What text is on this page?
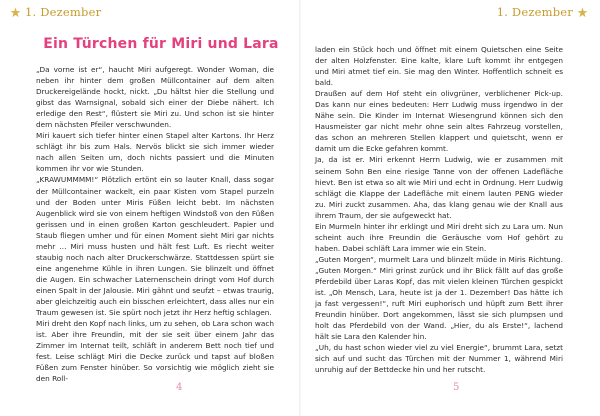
1. Dezember
Ein Türchen für Miri und Lara

„Da vorne ist er“, haucht Miri aufgeregt. Wonder Woman, die neben ihr hinter dem großen Müllcontainer auf dem alten Druckereigelände hockt, nickt. „Du hältst hier die Stellung und gibst das Warnsignal, sobald sich einer der Diebe nähert. Ich erledige den Rest“, flüstert sie Miri zu. Und schon ist sie hinter dem nächsten Pfeiler verschwunden.

Miri kauert sich tiefer hinter einen Stapel alter Kartons. Ihr Herz schlägt ihr bis zum Hals. Nervös blickt sie sich immer wieder nach allen Seiten um, doch nichts passiert und die Minuten kommen ihr vor wie Stunden.

„KRAWUMMMM!“ Plötzlich ertönt ein so lauter Knall, dass sogar der Müllcontainer wackelt, ein paar Kisten vom Stapel purzeln und der Boden unter Miris Füßen leicht bebt. Im nächsten Augenblick wird sie von einem heftigen Windstoß von den Füßen gerissen und in einen großen Karton geschleudert. Papier und Staub fliegen umher und für einen Moment sieht Miri gar nichts mehr … Miri muss husten und hält fest Luft. Es riecht weiter staubig noch nach alter Druckerschwärze. Stattdessen spürt sie eine angenehme Kühle in ihren Lungen. Sie blinzelt und öffnet die Augen. Ein schwacher Laternenschein dringt vom Hof durch einen Spalt in der Jalousie. Miri gähnt und seufzt – etwas traurig, aber gleichzeitig auch ein bisschen erleichtert, dass alles nur ein Traum gewesen ist. Sie spürt noch jetzt ihr Herz heftig schlagen.

Miri dreht den Kopf nach links, um zu sehen, ob Lara schon wach ist. Aber ihre Freundin, mit der sie seit über einem Jahr das Zimmer im Internat teilt, schläft in anderem Bett noch tief und fest. Leise schlägt Miri die Decke zurück und tapst auf bloßen Füßen zum Fenster hinüber. So vorsichtig wie möglich zieht sie den Roll-

4
1. Dezember

laden ein Stück hoch und öffnet mit einem Quietschen eine Seite der alten Holzfenster. Eine kalte, klare Luft kommt ihr entgegen und Miri atmet tief ein. Sie mag den Winter. Hoffentlich schneit es bald.

Draußen auf dem Hof steht ein olivgrüner, verblichener Pick-up. Das kann nur eines bedeuten: Herr Ludwig muss irgendwo in der Nähe sein. Die Kinder im Internat Wiesengrund können sich den Hausmeister gar nicht mehr ohne sein altes Fahrzeug vorstellen, das schon an mehreren Stellen klappert und quietscht, wenn er damit um die Ecke gefahren kommt.

Ja, da ist er. Miri erkennt Herrn Ludwig, wie er zusammen mit seinem Sohn Ben eine riesige Tanne von der offenen Ladefläche hievt. Ben ist etwa so alt wie Miri und echt in Ordnung. Herr Ludwig schlägt die Klappe der Ladefläche mit einem lauten PENG wieder zu. Miri zuckt zusammen. Aha, das klang genau wie der Knall aus ihrem Traum, der sie aufgeweckt hat.

Ein Murmeln hinter ihr erklingt und Miri dreht sich zu Lara um. Nun scheint auch ihre Freundin die Geräusche vom Hof gehört zu haben. Dabei schläft Lara immer wie ein Stein.

„Guten Morgen“, murmelt Lara und blinzelt müde in Miris Richtung. „Guten Morgen.“ Miri grinst zurück und ihr Blick fällt auf das große Pferdebild über Laras Kopf, das mit vielen kleinen Türchen gespickt ist. „Oh Mensch, Lara, heute ist ja der 1. Dezember! Das hätte ich ja fast vergessen!“, ruft Miri euphorisch und hüpft zum Bett ihrer Freundin hinüber. Dort angekommen, lässt sie sich plumpsen und holt das Pferdebild von der Wand. „Hier, du als Erste!“, lachend hält sie Lara den Kalender hin.

„Uh, du hast schon wieder viel zu viel Energie“, brummt Lara, setzt sich auf und sucht das Türchen mit der Nummer 1, während Miri unruhig auf der Bettdecke hin und her rutscht.

5
